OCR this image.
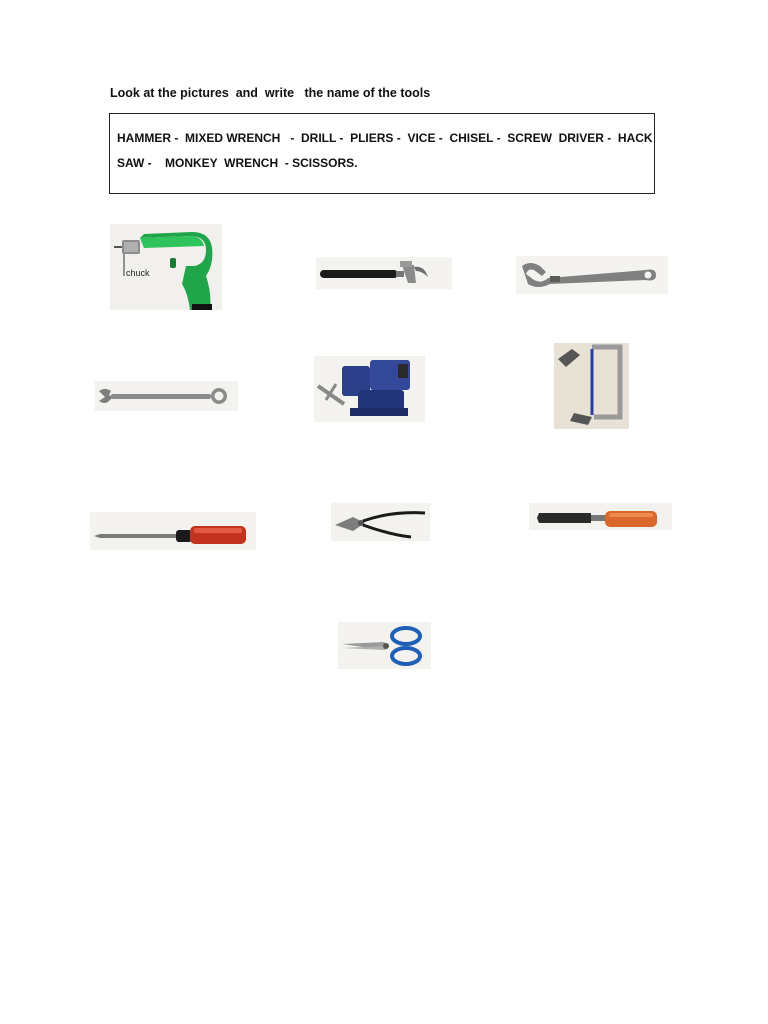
Look at the pictures  and  write   the name of the tools
HAMMER -  MIXED WRENCH   -  DRILL -  PLIERS -  VICE -  CHISEL -  SCREW  DRIVER -  HACK
SAW -    MONKEY  WRENCH  - SCISSORS.
chuck
